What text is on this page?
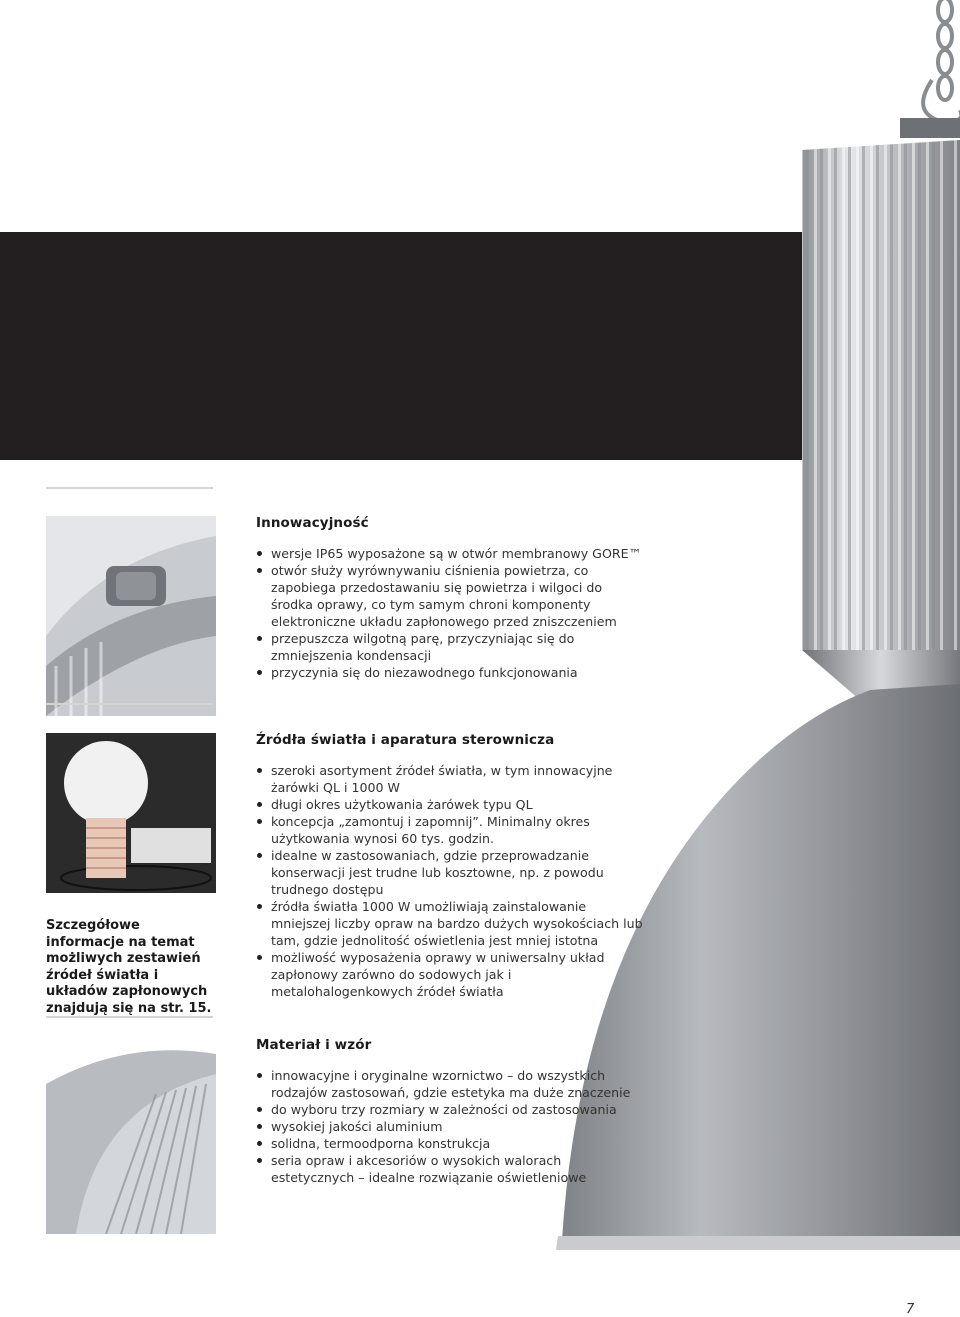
Innowacyjność
wersje IP65 wyposażone są w otwór membranowy GORE™
otwór służy wyrównywaniu ciśnienia powietrza, co zapobiega przedostawaniu się powietrza i wilgoci do środka oprawy, co tym samym chroni komponenty elektroniczne układu zapłonowego przed zniszczeniem
przepuszcza wilgotną parę, przyczyniając się do zmniejszenia kondensacji
przyczynia się do niezawodnego funkcjonowania
Szczegółowe informacje na temat możliwych zestawień źródeł światła i układów zapłonowych znajdują się na str. 15.
Źródła światła i aparatura sterownicza
szeroki asortyment źródeł światła, w tym innowacyjne żarówki QL i 1000 W
długi okres użytkowania żarówek typu QL
koncepcja „zamontuj i zapomnij”. Minimalny okres użytkowania wynosi 60 tys. godzin.
idealne w zastosowaniach, gdzie przeprowadzanie konserwacji jest trudne lub kosztowne, np. z powodu trudnego dostępu
źródła światła 1000 W umożliwiają zainstalowanie mniejszej liczby opraw na bardzo dużych wysokościach lub tam, gdzie jednolitość oświetlenia jest mniej istotna
możliwość wyposażenia oprawy w uniwersalny układ zapłonowy zarówno do sodowych jak i metalohalogenkowych źródeł światła
Materiał i wzór
innowacyjne i oryginalne wzornictwo – do wszystkich rodzajów zastosowań, gdzie estetyka ma duże znaczenie
do wyboru trzy rozmiary w zależności od zastosowania
wysokiej jakości aluminium
solidna, termoodporna konstrukcja
seria opraw i akcesoriów o wysokich walorach estetycznych – idealne rozwiązanie oświetleniowe
7
